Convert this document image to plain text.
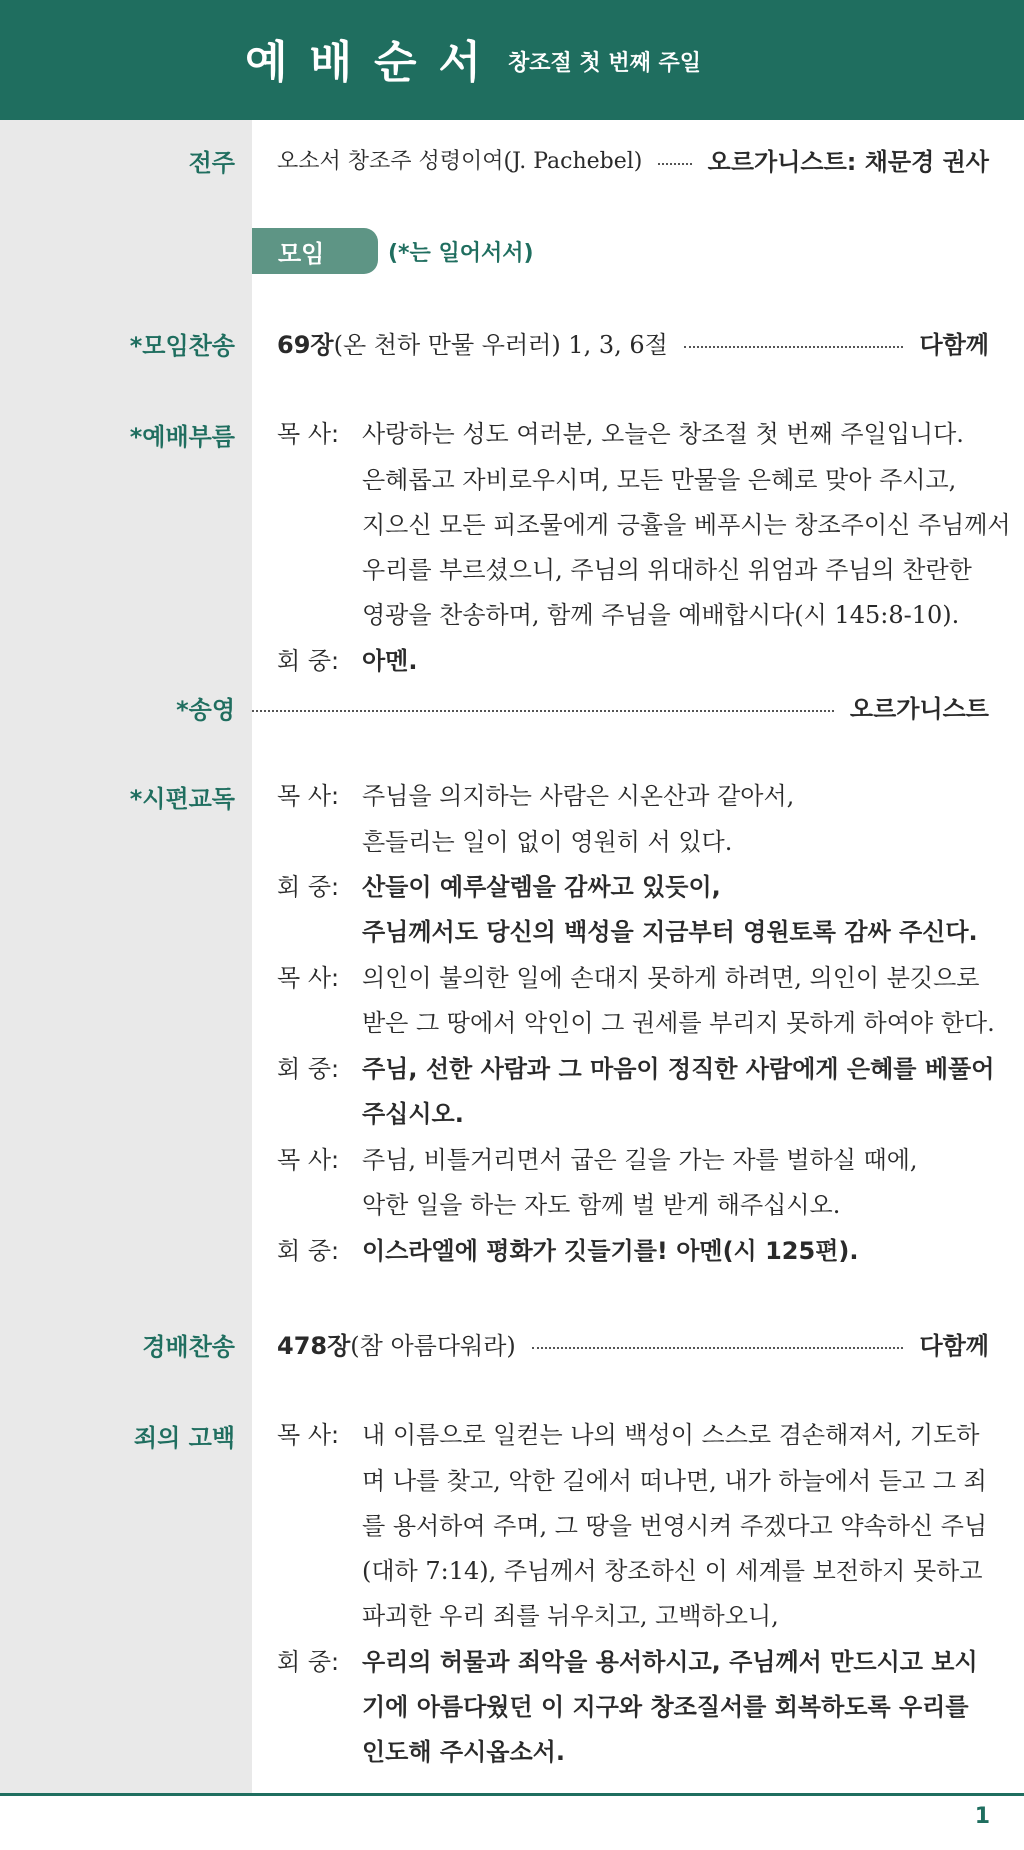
예배순서 창조절 첫 번째 주일
전주 오소서 창조주 성령이여(J. Pachebel)	오르가니스트: 채문경 권사
모임	(*는 일어서서)
*모임찬송 69장 (온 천하 만물 우러러) 1, 3, 6절	다함께
*예배부름 목 사: 사랑하는 성도 여러분, 오늘은 창조절 첫 번째 주일입니다.
은혜롭고 자비로우시며, 모든 만물을 은혜로 맞아 주시고,
지으신 모든 피조물에게 긍휼을 베푸시는 창조주이신 주님께서
우리를 부르셨으니, 주님의 위대하신 위엄과 주님의 찬란한
영광을 찬송하며, 함께 주님을 예배합시다(시 145:8-10).
회 중: 아멘.
*송영	오르가니스트
*시편교독 목 사: 주님을 의지하는 사람은 시온산과 같아서,
흔들리는 일이 없이 영원히 서 있다.
회 중: 산들이 예루살렘을 감싸고 있듯이,
주님께서도 당신의 백성을 지금부터 영원토록 감싸 주신다.
목 사: 의인이 불의한 일에 손대지 못하게 하려면, 의인이 분깃으로
받은 그 땅에서 악인이 그 권세를 부리지 못하게 하여야 한다.
회 중: 주님, 선한 사람과 그 마음이 정직한 사람에게 은혜를 베풀어
주십시오.
목 사: 주님, 비틀거리면서 굽은 길을 가는 자를 벌하실 때에,
악한 일을 하는 자도 함께 벌 받게 해주십시오.
회 중: 이스라엘에 평화가 깃들기를! 아멘(시 125편).
경배찬송 478장 (참 아름다워라)	다함께
죄의 고백 목 사: 내 이름으로 일컫는 나의 백성이 스스로 겸손해져서, 기도하
며 나를 찾고, 악한 길에서 떠나면, 내가 하늘에서 듣고 그 죄
를 용서하여 주며, 그 땅을 번영시켜 주겠다고 약속하신 주님
(대하 7:14), 주님께서 창조하신 이 세계를 보전하지 못하고
파괴한 우리 죄를 뉘우치고, 고백하오니,
회 중: 우리의 허물과 죄악을 용서하시고, 주님께서 만드시고 보시
기에 아름다웠던 이 지구와 창조질서를 회복하도록 우리를
인도해 주시옵소서.
1
